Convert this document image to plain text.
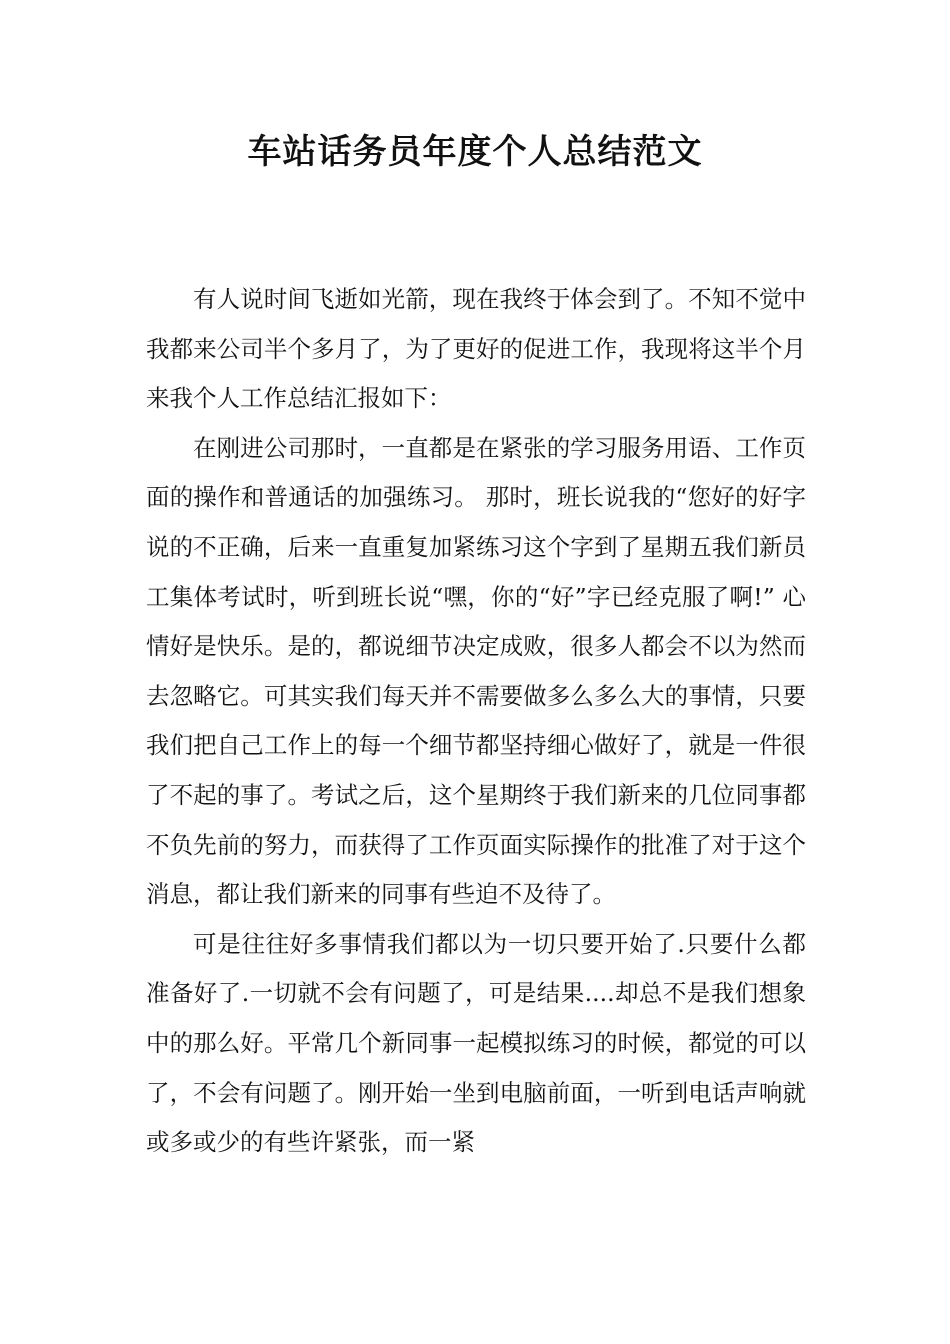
车站话务员年度个人总结范文

有人说时间飞逝如光箭，现在我终于体会到了。不知不觉中我都来公司半个多月了，为了更好的促进工作，我现将这半个月来我个人工作总结汇报如下：

在刚进公司那时，一直都是在紧张的学习服务用语、工作页面的操作和普通话的加强练习。 那时，班长说我的“您好的好字说的不正确，后来一直重复加紧练习这个字到了星期五我们新员工集体考试时，听到班长说“嘿，你的“好”字已经克服了啊!” 心情好是快乐。是的，都说细节决定成败，很多人都会不以为然而去忽略它。可其实我们每天并不需要做多么多么大的事情，只要我们把自己工作上的每一个细节都坚持细心做好了，就是一件很了不起的事了。考试之后，这个星期终于我们新来的几位同事都不负先前的努力，而获得了工作页面实际操作的批准了对于这个消息，都让我们新来的同事有些迫不及待了。

可是往往好多事情我们都以为一切只要开始了.只要什么都准备好了.一切就不会有问题了，可是结果....却总不是我们想象中的那么好。平常几个新同事一起模拟练习的时候，都觉的可以了，不会有问题了。刚开始一坐到电脑前面，一听到电话声响就或多或少的有些许紧张，而一紧
